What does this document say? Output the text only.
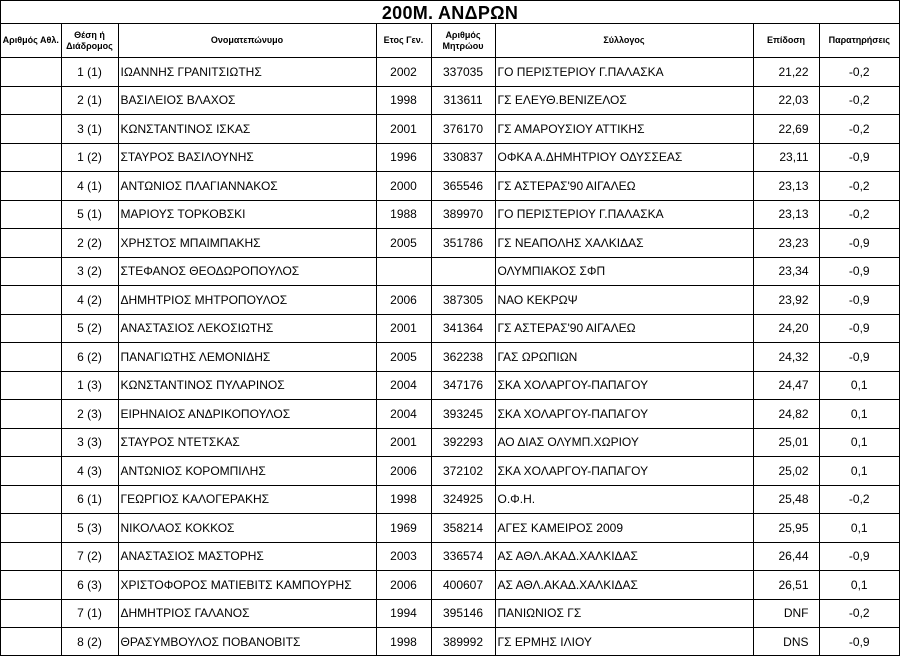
200Μ. ΑΝΔΡΩΝ
Αριθμός Αθλ.	Θέση ή Διάδρομος	Ονοματεπώνυμο	Ετος Γεν.	Αριθμός Μητρώου	Σύλλογος	Επίδοση	Παρατηρήσεις
	1 (1)	ΙΩΑΝΝΗΣ ΓΡΑΝΙΤΣΙΩΤΗΣ	2002	337035	ΓΟ ΠΕΡΙΣΤΕΡΙΟΥ Γ.ΠΑΛΑΣΚΑ	21,22	-0,2
	2 (1)	ΒΑΣΙΛΕΙΟΣ ΒΛΑΧΟΣ	1998	313611	ΓΣ ΕΛΕΥΘ.ΒΕΝΙΖΕΛΟΣ	22,03	-0,2
	3 (1)	ΚΩΝΣΤΑΝΤΙΝΟΣ ΙΣΚΑΣ	2001	376170	ΓΣ ΑΜΑΡΟΥΣΙΟΥ ΑΤΤΙΚΗΣ	22,69	-0,2
	1 (2)	ΣΤΑΥΡΟΣ ΒΑΣΙΛΟΥΝΗΣ	1996	330837	ΟΦΚΑ Α.ΔΗΜΗΤΡΙΟΥ ΟΔΥΣΣΕΑΣ	23,11	-0,9
	4 (1)	ΑΝΤΩΝΙΟΣ ΠΛΑΓΙΑΝΝΑΚΟΣ	2000	365546	ΓΣ ΑΣΤΕΡΑΣ'90 ΑΙΓΑΛΕΩ	23,13	-0,2
	5 (1)	ΜΑΡΙΟΥΣ ΤΟΡΚΟΒΣΚΙ	1988	389970	ΓΟ ΠΕΡΙΣΤΕΡΙΟΥ Γ.ΠΑΛΑΣΚΑ	23,13	-0,2
	2 (2)	ΧΡΗΣΤΟΣ ΜΠΑΙΜΠΑΚΗΣ	2005	351786	ΓΣ ΝΕΑΠΟΛΗΣ ΧΑΛΚΙΔΑΣ	23,23	-0,9
	3 (2)	ΣΤΕΦΑΝΟΣ ΘΕΟΔΩΡΟΠΟΥΛΟΣ			ΟΛΥΜΠΙΑΚΟΣ ΣΦΠ	23,34	-0,9
	4 (2)	ΔΗΜΗΤΡΙΟΣ ΜΗΤΡΟΠΟΥΛΟΣ	2006	387305	ΝΑΟ ΚΕΚΡΩΨ	23,92	-0,9
	5 (2)	ΑΝΑΣΤΑΣΙΟΣ ΛΕΚΟΣΙΩΤΗΣ	2001	341364	ΓΣ ΑΣΤΕΡΑΣ'90 ΑΙΓΑΛΕΩ	24,20	-0,9
	6 (2)	ΠΑΝΑΓΙΩΤΗΣ ΛΕΜΟΝΙΔΗΣ	2005	362238	ΓΑΣ ΩΡΩΠΙΩΝ	24,32	-0,9
	1 (3)	ΚΩΝΣΤΑΝΤΙΝΟΣ ΠΥΛΑΡΙΝΟΣ	2004	347176	ΣΚΑ ΧΟΛΑΡΓΟΥ-ΠΑΠΑΓΟΥ	24,47	0,1
	2 (3)	ΕΙΡΗΝΑΙΟΣ ΑΝΔΡΙΚΟΠΟΥΛΟΣ	2004	393245	ΣΚΑ ΧΟΛΑΡΓΟΥ-ΠΑΠΑΓΟΥ	24,82	0,1
	3 (3)	ΣΤΑΥΡΟΣ ΝΤΕΤΣΚΑΣ	2001	392293	ΑΟ ΔΙΑΣ ΟΛΥΜΠ.ΧΩΡΙΟΥ	25,01	0,1
	4 (3)	ΑΝΤΩΝΙΟΣ ΚΟΡΟΜΠΙΛΗΣ	2006	372102	ΣΚΑ ΧΟΛΑΡΓΟΥ-ΠΑΠΑΓΟΥ	25,02	0,1
	6 (1)	ΓΕΩΡΓΙΟΣ ΚΑΛΟΓΕΡΑΚΗΣ	1998	324925	Ο.Φ.Η.	25,48	-0,2
	5 (3)	ΝΙΚΟΛΑΟΣ ΚΟΚΚΟΣ	1969	358214	ΑΓΕΣ ΚΑΜΕΙΡΟΣ 2009	25,95	0,1
	7 (2)	ΑΝΑΣΤΑΣΙΟΣ ΜΑΣΤΟΡΗΣ	2003	336574	ΑΣ ΑΘΛ.ΑΚΑΔ.ΧΑΛΚΙΔΑΣ	26,44	-0,9
	6 (3)	ΧΡΙΣΤΟΦΟΡΟΣ ΜΑΤΙΕΒΙΤΣ ΚΑΜΠΟΥΡΗΣ	2006	400607	ΑΣ ΑΘΛ.ΑΚΑΔ.ΧΑΛΚΙΔΑΣ	26,51	0,1
	7 (1)	ΔΗΜΗΤΡΙΟΣ ΓΑΛΑΝΟΣ	1994	395146	ΠΑΝΙΩΝΙΟΣ ΓΣ	DNF	-0,2
	8 (2)	ΘΡΑΣΥΜΒΟΥΛΟΣ ΠΟΒΑΝΟΒΙΤΣ	1998	389992	ΓΣ ΕΡΜΗΣ ΙΛΙΟΥ	DNS	-0,9
